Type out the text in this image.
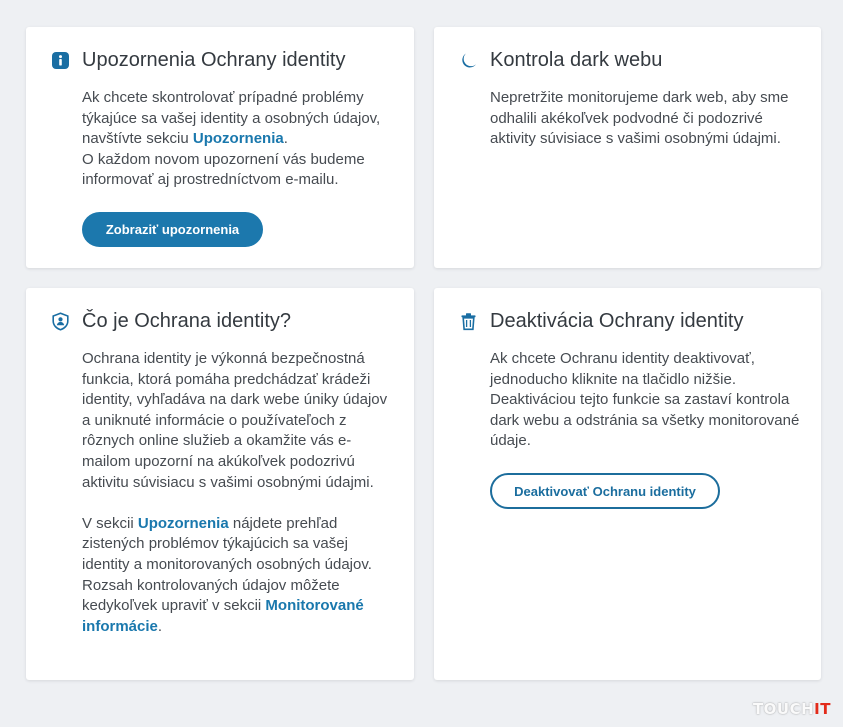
Upozornenia Ochrany identity

Ak chcete skontrolovať prípadné problémy týkajúce sa vašej identity a osobných údajov, navštívte sekciu Upozornenia.

O každom novom upozornení vás budeme informovať aj prostredníctvom e-mailu.

Zobraziť upozornenia
Kontrola dark webu
Nepretržite monitorujeme dark web, aby sme odhalili akékoľvek podvodné či podozrivé aktivity súvisiace s vašimi osobnými údajmi.
Čo je Ochrana identity?

Ochrana identity je výkonná bezpečnostná funkcia, ktorá pomáha predchádzať krádeži identity, vyhľadáva na dark webe úniky údajov a uniknuté informácie o používateľoch z rôznych online služieb a okamžite vás e-mailom upozorní na akúkoľvek podozrivú aktivitu súvisiacu s vašimi osobnými údajmi.

V sekcii Upozornenia nájdete prehľad zistených problémov týkajúcich sa vašej identity a monitorovaných osobných údajov. Rozsah kontrolovaných údajov môžete kedykoľvek upraviť v sekcii Monitorované informácie.

Deaktivácia Ochrany identity
Ak chcete Ochranu identity deaktivovať, jednoducho kliknite na tlačidlo nižšie. Deaktiváciou tejto funkcie sa zastaví kontrola dark webu a odstránia sa všetky monitorované údaje.
Deaktivovať Ochranu identity
TOUCHIT
